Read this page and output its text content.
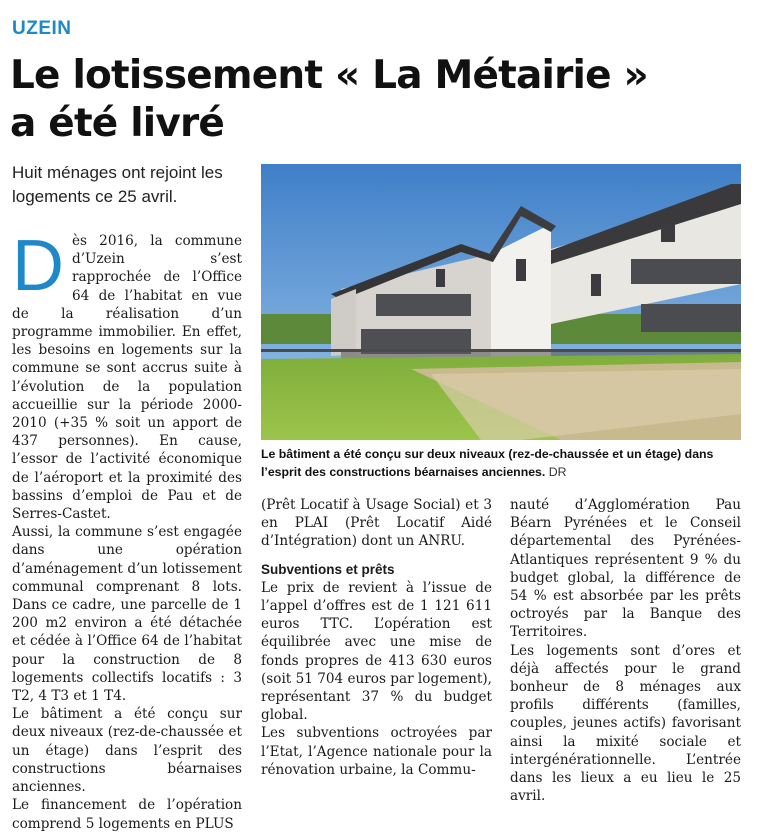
UZEIN
Le lotissement « La Métairie »
a été livré
Huit ménages ont rejoint les logements ce 25 avril.
Le bâtiment a été conçu sur deux niveaux (rez-de-chaussée et un étage) dans l’esprit des constructions béarnaises anciennes. DR
D ès 2016, la commune d’Uzein s’est rapprochée de l’Office 64 de l’habitat en vue de la réalisation d’un programme immobilier. En effet, les besoins en logements sur la commune se sont accrus suite à l’évolution de la population accueillie sur la période 2000-2010 (+35 % soit un apport de 437 personnes). En cause, l’essor de l’activité économique de l’aéroport et la proximité des bassins d’emploi de Pau et de Serres-Castet.

Aussi, la commune s’est engagée dans une opération d’aménagement d’un lotissement communal comprenant 8 lots. Dans ce cadre, une parcelle de 1 200 m2 environ a été détachée et cédée à l’Office 64 de l’habitat pour la construction de 8 logements collectifs locatifs : 3 T2, 4 T3 et 1 T4.

Le bâtiment a été conçu sur deux niveaux (rez-de-chaussée et un étage) dans l’esprit des constructions béarnaises anciennes.

Le financement de l’opération comprend 5 logements en PLUS

(Prêt Locatif à Usage Social) et 3 en PLAI (Prêt Locatif Aidé d’Intégration) dont un ANRU.

Subventions et prêts

Le prix de revient à l’issue de l’appel d’offres est de 1 121 611 euros TTC. L’opération est équilibrée avec une mise de fonds propres de 413 630 euros (soit 51 704 euros par logement), représentant 37 % du budget global.

Les subventions octroyées par l’Etat, l’Agence nationale pour la rénovation urbaine, la Commu-

nauté d’Agglomération Pau Béarn Pyrénées et le Conseil départemental des Pyrénées-Atlantiques représentent 9 % du budget global, la différence de 54 % est absorbée par les prêts octroyés par la Banque des Territoires.

Les logements sont d’ores et déjà affectés pour le grand bonheur de 8 ménages aux profils différents (familles, couples, jeunes actifs) favorisant ainsi la mixité sociale et intergénérationnelle. L’entrée dans les lieux a eu lieu le 25 avril.
